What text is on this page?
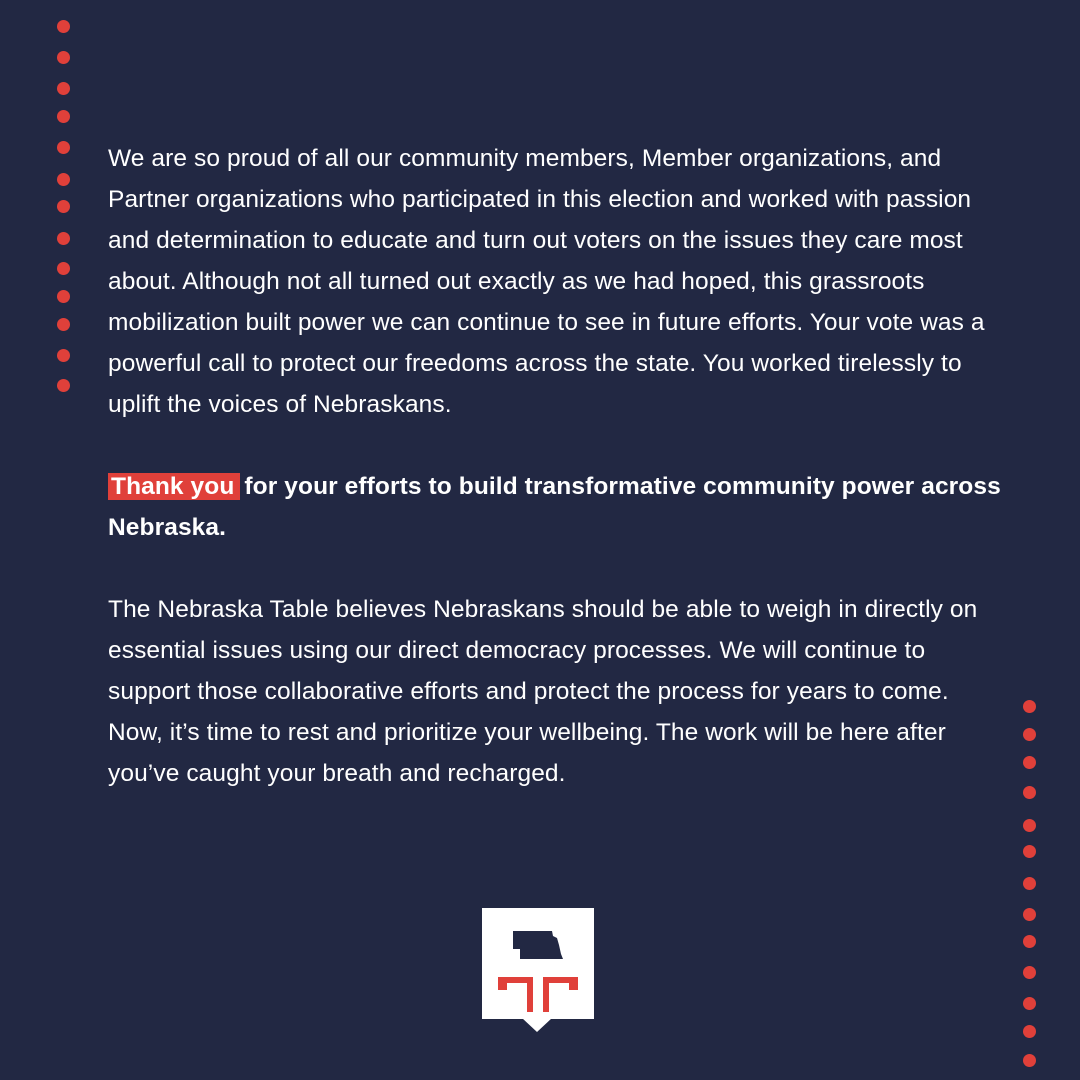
We are so proud of all our community members, Member organizations, and Partner organizations who participated in this election and worked with passion and determination to educate and turn out voters on the issues they care most about. Although not all turned out exactly as we had hoped, this grassroots mobilization built power we can continue to see in future efforts. Your vote was a powerful call to protect our freedoms across the state. You worked tirelessly to uplift the voices of Nebraskans.

Thank you for your efforts to build transformative community power across Nebraska.

The Nebraska Table believes Nebraskans should be able to weigh in directly on essential issues using our direct democracy processes. We will continue to support those collaborative efforts and protect the process for years to come. Now, it’s time to rest and prioritize your wellbeing. The work will be here after you’ve caught your breath and recharged.
